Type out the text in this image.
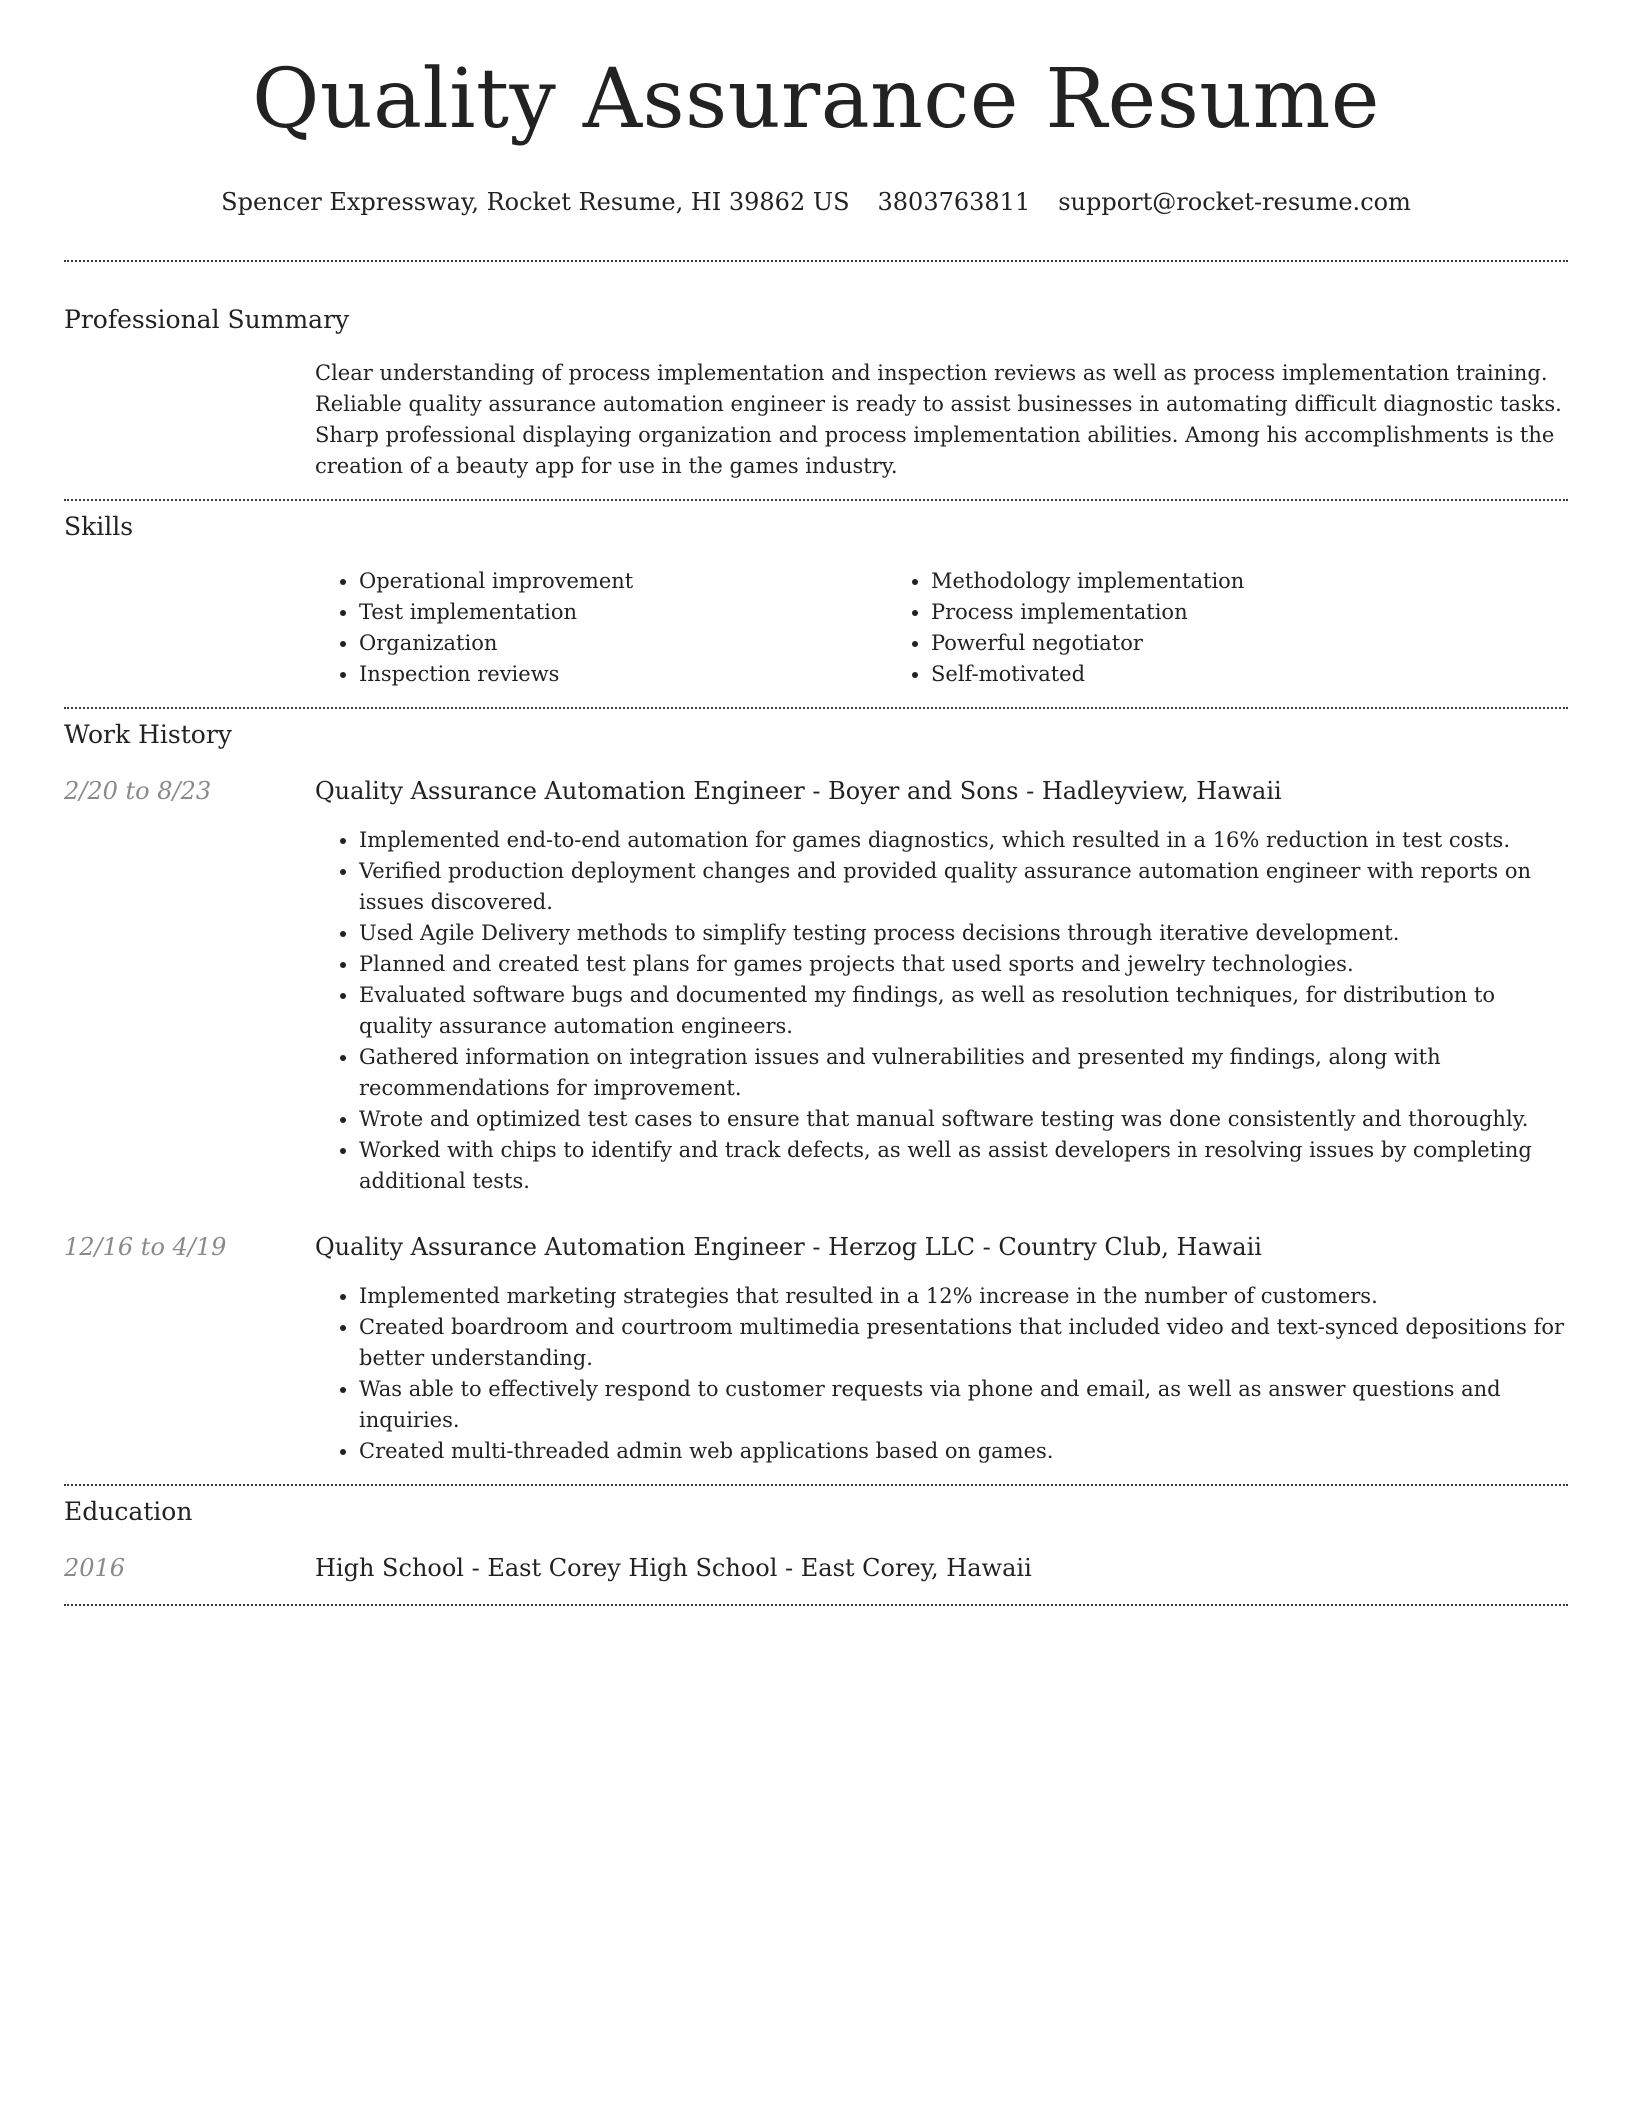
Quality Assurance Resume
Spencer Expressway, Rocket Resume, HI 39862 US 3803763811 support@rocket-resume.com
Professional Summary

Clear understanding of process implementation and inspection reviews as well as process implementation training. Reliable quality assurance automation engineer is ready to assist businesses in automating difficult diagnostic tasks. Sharp professional displaying organization and process implementation abilities. Among his accomplishments is the creation of a beauty app for use in the games industry.

Skills
• Operational improvement
• Test implementation
• Organization
• Inspection reviews
• Methodology implementation
• Process implementation
• Powerful negotiator
• Self-motivated
Work History
2/20 to 8/23	Quality Assurance Automation Engineer - Boyer and Sons - Hadleyview, Hawaii
• Implemented end-to-end automation for games diagnostics, which resulted in a 16% reduction in test costs.
• Verified production deployment changes and provided quality assurance automation engineer with reports on issues discovered.
• Used Agile Delivery methods to simplify testing process decisions through iterative development.
• Planned and created test plans for games projects that used sports and jewelry technologies.
• Evaluated software bugs and documented my findings, as well as resolution techniques, for distribution to quality assurance automation engineers.
• Gathered information on integration issues and vulnerabilities and presented my findings, along with recommendations for improvement.
• Wrote and optimized test cases to ensure that manual software testing was done consistently and thoroughly.
• Worked with chips to identify and track defects, as well as assist developers in resolving issues by completing additional tests.
12/16 to 4/19	Quality Assurance Automation Engineer - Herzog LLC - Country Club, Hawaii
• Implemented marketing strategies that resulted in a 12% increase in the number of customers.
• Created boardroom and courtroom multimedia presentations that included video and text-synced depositions for better understanding.
• Was able to effectively respond to customer requests via phone and email, as well as answer questions and inquiries.
• Created multi-threaded admin web applications based on games.
Education
2016	High School - East Corey High School - East Corey, Hawaii
